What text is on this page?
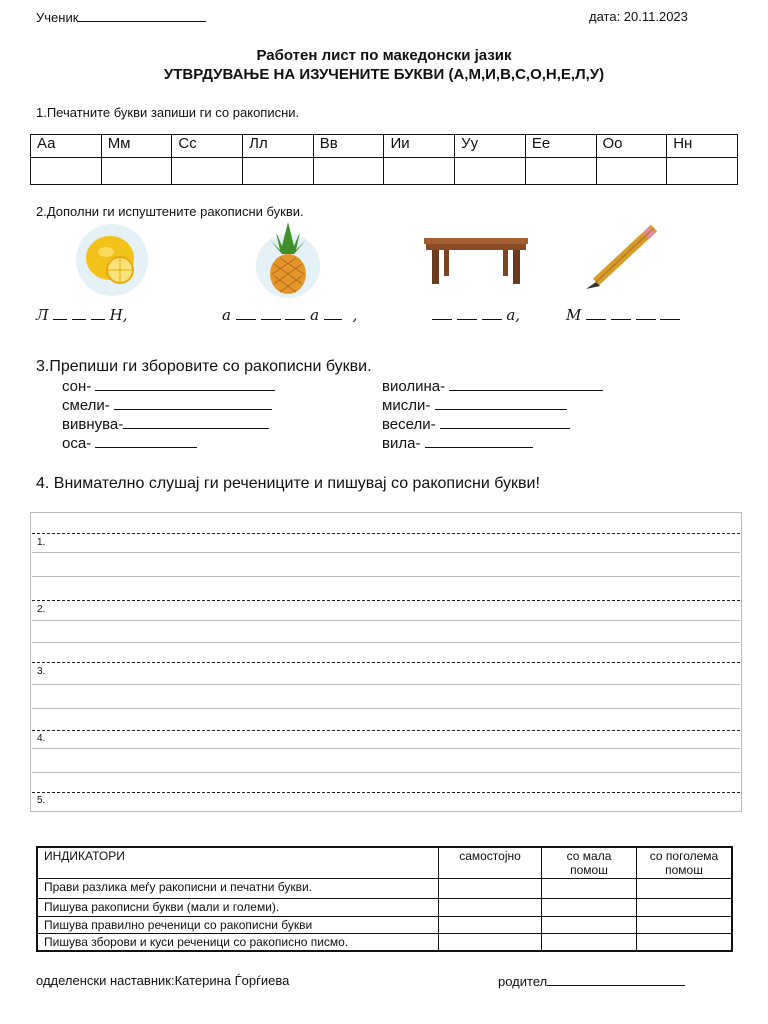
Ученик	дата: 20.11.2023
Работен лист по македонски јазик
УТВРДУВАЊЕ НА ИЗУЧЕНИТЕ БУКВИ (А,М,И,В,С,О,Н,Е,Л,У)
1.Печатните букви запиши ги со ракописни.
Аа	Мм	Сс	Лл	Вв	Ии	Уу	Ее	Оо	Нн

2.Дополни ги испуштените ракописни букви.
Л	Н,	а	а ,	а,	М
3.Препиши ги зборовите со ракописни букви.
сон-
смели-
вивнува-
оса-
виолина-
мисли-
весели-
вила-
4. Внимателно слушај ги речениците и пишувај со ракописни букви!
1.
2.
3.
4.
5.
ИНДИКАТОРИ	самостојно	со мала помош	со поголема помош
Прави разлика меѓу ракописни и печатни букви.			
Пишува ракописни букви (мали и големи).			
Пишува правилно реченици со ракописни букви			
Пишува зборови и куси реченици со ракописно писмо.			
одделенски наставник:Катерина Ѓорѓиева	родител
